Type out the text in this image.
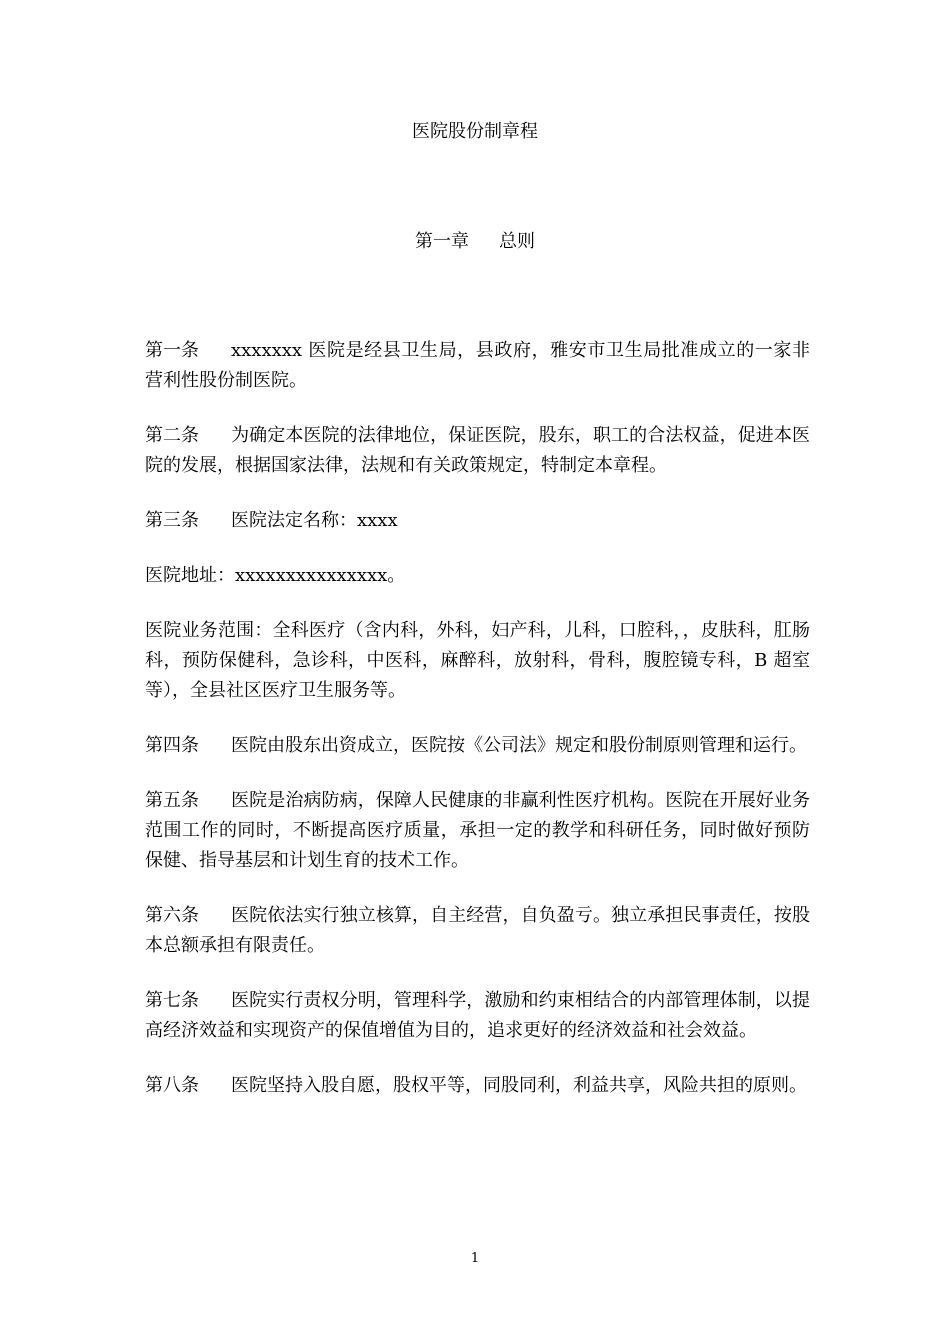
医院股份制章程
第一章 总则

第一条 xxxxxxx 医院是经县卫生局，县政府，雅安市卫生局批准成立的一家非营利性股份制医院。

第二条 为确定本医院的法律地位，保证医院，股东，职工的合法权益，促进本医院的发展，根据国家法律，法规和有关政策规定，特制定本章程。

第三条 医院法定名称：xxxx

医院地址：xxxxxxxxxxxxxxx。

医院业务范围：全科医疗（含内科，外科，妇产科，儿科，口腔科，，皮肤科，肛肠科，预防保健科，急诊科，中医科，麻醉科，放射科，骨科，腹腔镜专科，B 超室等），全县社区医疗卫生服务等。

第四条 医院由股东出资成立，医院按《公司法》规定和股份制原则管理和运行。

第五条 医院是治病防病，保障人民健康的非赢利性医疗机构。医院在开展好业务范围工作的同时，不断提高医疗质量，承担一定的教学和科研任务，同时做好预防保健、指导基层和计划生育的技术工作。

第六条 医院依法实行独立核算，自主经营，自负盈亏。独立承担民事责任，按股本总额承担有限责任。

第七条 医院实行责权分明，管理科学，激励和约束相结合的内部管理体制，以提高经济效益和实现资产的保值增值为目的，追求更好的经济效益和社会效益。

第八条 医院坚持入股自愿，股权平等，同股同利，利益共享，风险共担的原则。

1
